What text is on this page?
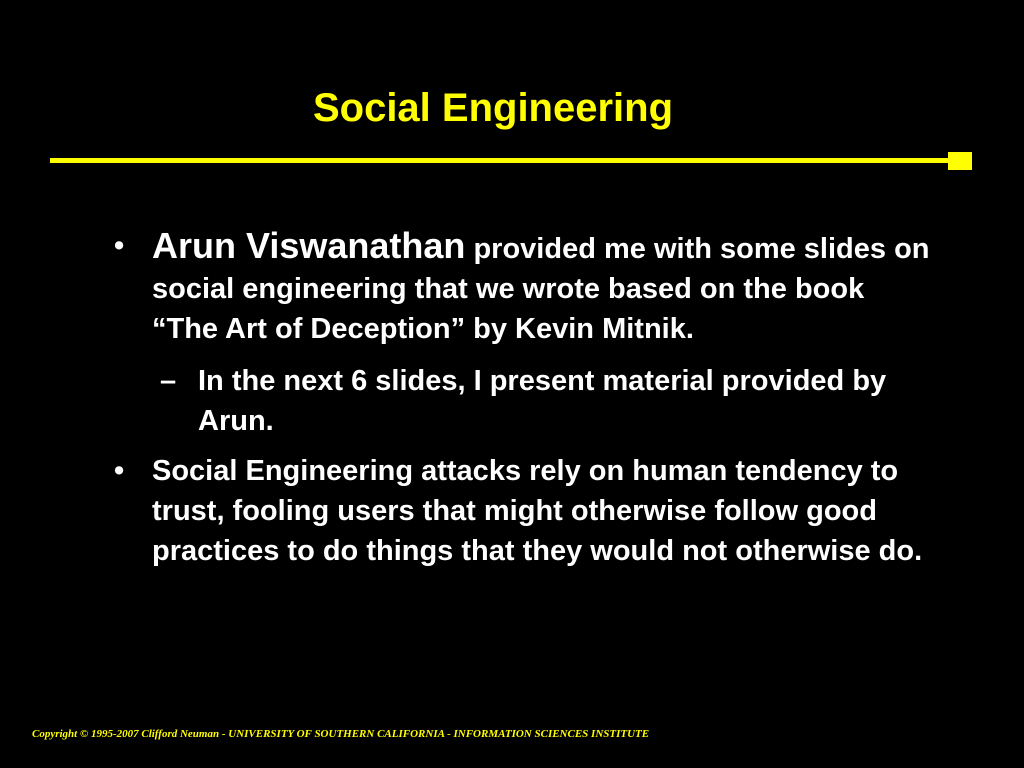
Social Engineering
• Arun Viswanathan provided me with some slides on social engineering that we wrote based on the book “The Art of Deception” by Kevin Mitnik.
– In the next 6 slides, I present material provided by Arun.
• Social Engineering attacks rely on human tendency to trust, fooling users that might otherwise follow good practices to do things that they would not otherwise do.
Copyright © 1995-2007 Clifford Neuman - UNIVERSITY OF SOUTHERN CALIFORNIA - INFORMATION SCIENCES INSTITUTE
